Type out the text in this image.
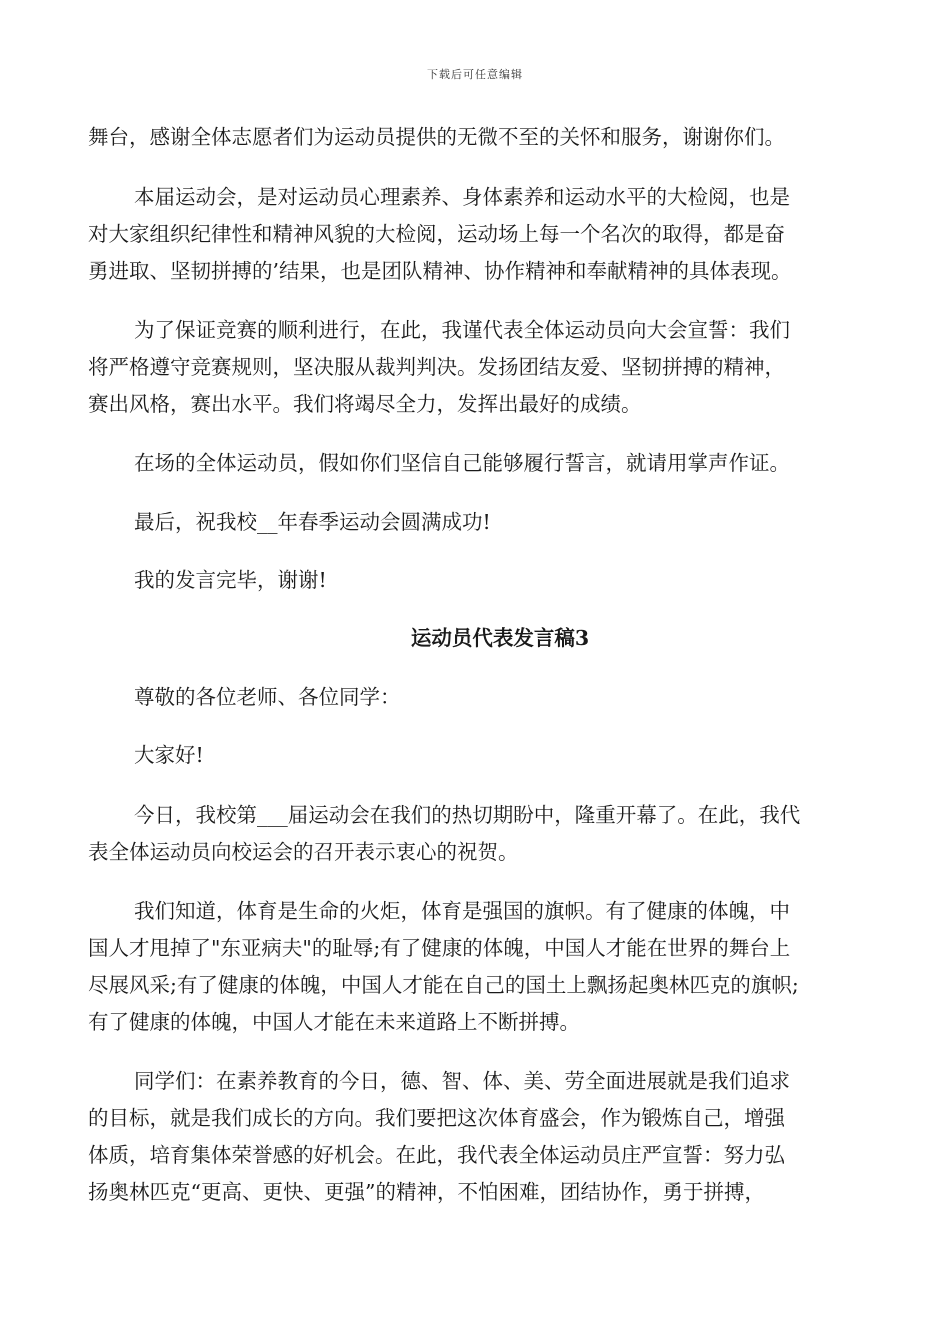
下载后可任意编辑
舞台，感谢全体志愿者们为运动员提供的无微不至的关怀和服务，谢谢你们。
本届运动会，是对运动员心理素养、身体素养和运动水平的大检阅，也是
对大家组织纪律性和精神风貌的大检阅，运动场上每一个名次的取得，都是奋
勇进取、坚韧拼搏的’结果，也是团队精神、协作精神和奉献精神的具体表现。
为了保证竞赛的顺利进行，在此，我谨代表全体运动员向大会宣誓：我们
将严格遵守竞赛规则，坚决服从裁判判决。发扬团结友爱、坚韧拼搏的精神，
赛出风格，赛出水平。我们将竭尽全力，发挥出最好的成绩。
在场的全体运动员，假如你们坚信自己能够履行誓言，就请用掌声作证。
最后，祝我校__年春季运动会圆满成功!
我的发言完毕，谢谢!
运动员代表发言稿3
尊敬的各位老师、各位同学：
大家好!
今日，我校第___届运动会在我们的热切期盼中，隆重开幕了。在此，我代
表全体运动员向校运会的召开表示衷心的祝贺。
我们知道，体育是生命的火炬，体育是强国的旗帜。有了健康的体魄，中
国人才甩掉了"东亚病夫"的耻辱;有了健康的体魄，中国人才能在世界的舞台上
尽展风采;有了健康的体魄，中国人才能在自己的国土上飘扬起奥林匹克的旗帜;
有了健康的体魄，中国人才能在未来道路上不断拼搏。
同学们：在素养教育的今日，德、智、体、美、劳全面进展就是我们追求
的目标，就是我们成长的方向。我们要把这次体育盛会，作为锻炼自己，增强
体质，培育集体荣誉感的好机会。在此，我代表全体运动员庄严宣誓：努力弘
扬奥林匹克“更高、更快、更强”的精神，不怕困难，团结协作，勇于拼搏，
